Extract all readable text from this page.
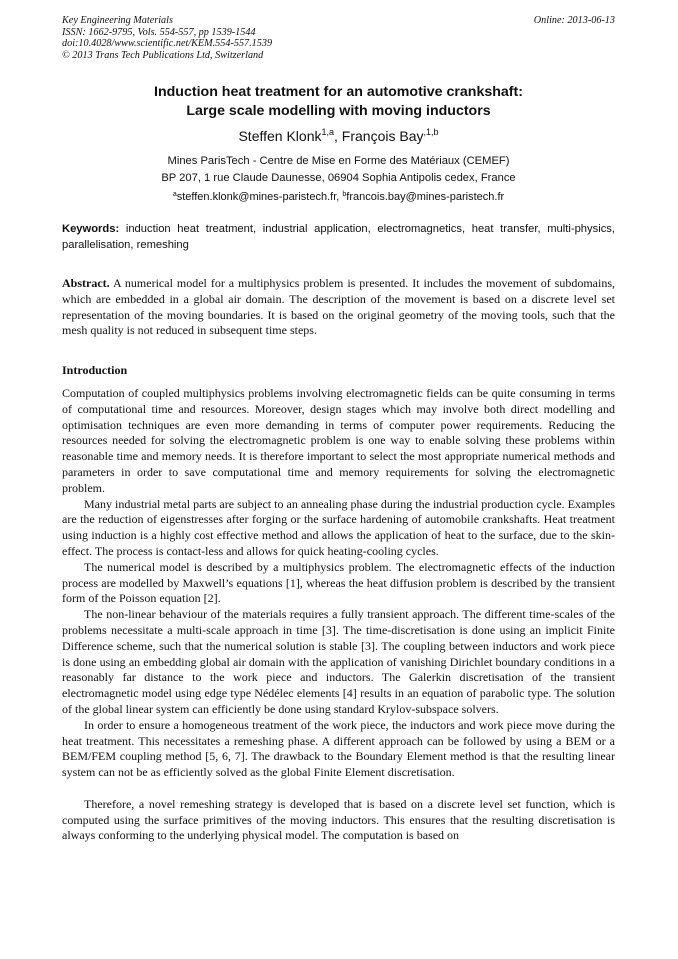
Key Engineering Materials
ISSN: 1662-9795, Vols. 554-557, pp 1539-1544
doi:10.4028/www.scientific.net/KEM.554-557.1539
© 2013 Trans Tech Publications Ltd, Switzerland
Online: 2013-06-13
Induction heat treatment for an automotive crankshaft:
Large scale modelling with moving inductors
Steffen Klonk$^{1,a}$, François Bay$^{,1,b}$
Mines ParisTech - Centre de Mise en Forme des Matériaux (CEMEF)
BP 207, 1 rue Claude Daunesse, 06904 Sophia Antipolis cedex, France
$^a$steffen.klonk@mines-paristech.fr, $^b$francois.bay@mines-paristech.fr
Keywords: induction heat treatment, industrial application, electromagnetics, heat transfer, multi-physics, parallelisation, remeshing
Abstract. A numerical model for a multiphysics problem is presented. It includes the movement of subdomains, which are embedded in a global air domain. The description of the movement is based on a discrete level set representation of the moving boundaries. It is based on the original geometry of the moving tools, such that the mesh quality is not reduced in subsequent time steps.
Introduction

Computation of coupled multiphysics problems involving electromagnetic fields can be quite consuming in terms of computational time and resources. Moreover, design stages which may involve both direct modelling and optimisation techniques are even more demanding in terms of computer power requirements. Reducing the resources needed for solving the electromagnetic problem is one way to enable solving these problems within reasonable time and memory needs. It is therefore important to select the most appropriate numerical methods and parameters in order to save computational time and memory requirements for solving the electromagnetic problem.

Many industrial metal parts are subject to an annealing phase during the industrial production cycle. Examples are the reduction of eigenstresses after forging or the surface hardening of automobile crankshafts. Heat treatment using induction is a highly cost effective method and allows the application of heat to the surface, due to the skin-effect. The process is contact-less and allows for quick heating-cooling cycles.

The numerical model is described by a multiphysics problem. The electromagnetic effects of the induction process are modelled by Maxwell’s equations [1], whereas the heat diffusion problem is described by the transient form of the Poisson equation [2].

The non-linear behaviour of the materials requires a fully transient approach. The different time-scales of the problems necessitate a multi-scale approach in time [3]. The time-discretisation is done using an implicit Finite Difference scheme, such that the numerical solution is stable [3]. The coupling between inductors and work piece is done using an embedding global air domain with the application of vanishing Dirichlet boundary conditions in a reasonably far distance to the work piece and inductors. The Galerkin discretisation of the transient electromagnetic model using edge type Nédélec elements [4] results in an equation of parabolic type. The solution of the global linear system can efficiently be done using standard Krylov-subspace solvers.

In order to ensure a homogeneous treatment of the work piece, the inductors and work piece move during the heat treatment. This necessitates a remeshing phase. A different approach can be followed by using a BEM or a BEM/FEM coupling method [5, 6, 7]. The drawback to the Boundary Element method is that the resulting linear system can not be as efficiently solved as the global Finite Element discretisation.

Therefore, a novel remeshing strategy is developed that is based on a discrete level set function, which is computed using the surface primitives of the moving inductors. This ensures that the resulting discretisation is always conforming to the underlying physical model. The computation is based on
